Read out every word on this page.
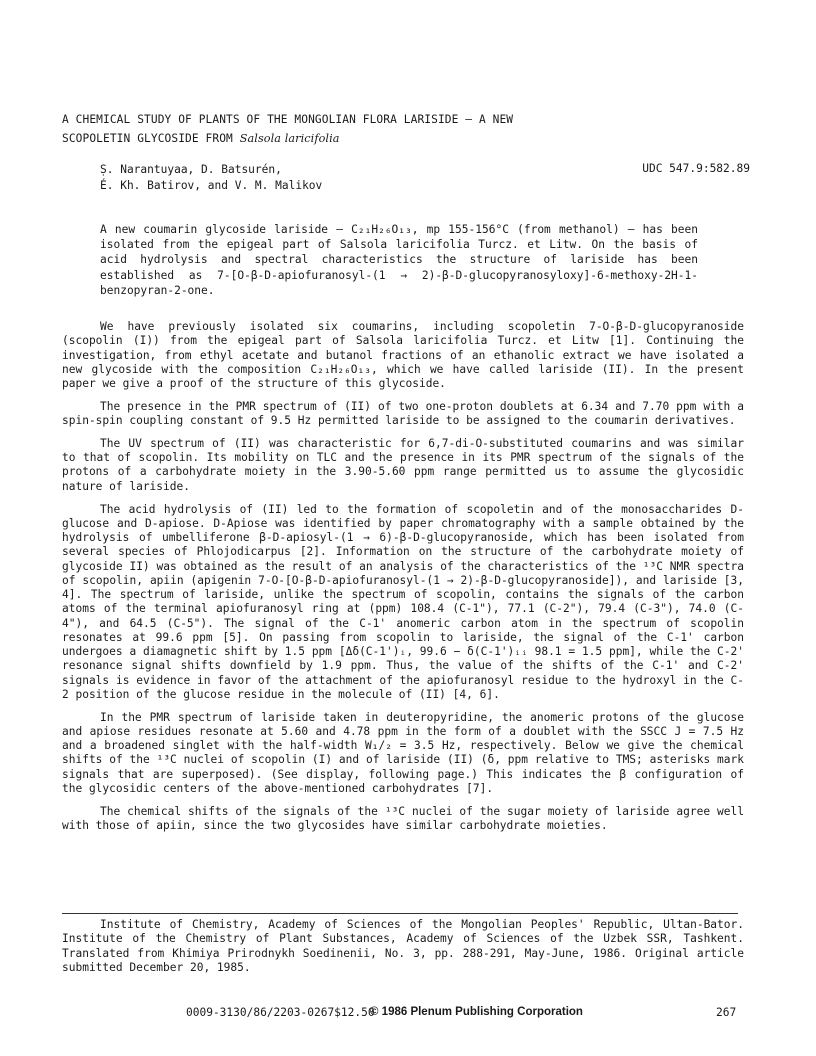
A CHEMICAL STUDY OF PLANTS OF THE MONGOLIAN FLORA LARISIDE — A NEW
SCOPOLETIN GLYCOSIDE FROM Salsola laricifolia
Ṣ. Narantuyaa, D. Batsurén,
É. Kh. Batirov, and V. M. Malikov
UDC 547.9:582.89
A new coumarin glycoside lariside — C₂₁H₂₆O₁₃, mp 155-156°C (from methanol) — has been isolated from the epigeal part of Salsola laricifolia Turcz. et Litw. On the basis of acid hydrolysis and spectral characteristics the structure of lariside has been established as 7-[O-β-D-apiofuranosyl-(1 → 2)-β-D-glucopyranosyloxy]-6-methoxy-2H-1-benzopyran-2-one.

We have previously isolated six coumarins, including scopoletin 7-O-β-D-glucopyranoside (scopolin (I)) from the epigeal part of Salsola laricifolia Turcz. et Litw [1]. Continuing the investigation, from ethyl acetate and butanol fractions of an ethanolic extract we have isolated a new glycoside with the composition C₂₁H₂₆O₁₃, which we have called lariside (II). In the present paper we give a proof of the structure of this glycoside.

The presence in the PMR spectrum of (II) of two one-proton doublets at 6.34 and 7.70 ppm with a spin-spin coupling constant of 9.5 Hz permitted lariside to be assigned to the coumarin derivatives.

The UV spectrum of (II) was characteristic for 6,7-di-O-substituted coumarins and was similar to that of scopolin. Its mobility on TLC and the presence in its PMR spectrum of the signals of the protons of a carbohydrate moiety in the 3.90-5.60 ppm range permitted us to assume the glycosidic nature of lariside.

The acid hydrolysis of (II) led to the formation of scopoletin and of the monosaccharides D-glucose and D-apiose. D-Apiose was identified by paper chromatography with a sample obtained by the hydrolysis of umbelliferone β-D-apiosyl-(1 → 6)-β-D-glucopyranoside, which has been isolated from several species of Phlojodicarpus [2]. Information on the structure of the carbohydrate moiety of glycoside II) was obtained as the result of an analysis of the characteristics of the ¹³C NMR spectra of scopolin, apiin (apigenin 7-O-[O-β-D-apiofuranosyl-(1 → 2)-β-D-glucopyranoside]), and lariside [3, 4]. The spectrum of lariside, unlike the spectrum of scopolin, contains the signals of the carbon atoms of the terminal apiofuranosyl ring at (ppm) 108.4 (C-1"), 77.1 (C-2"), 79.4 (C-3"), 74.0 (C-4"), and 64.5 (C-5"). The signal of the C-1' anomeric carbon atom in the spectrum of scopolin resonates at 99.6 ppm [5]. On passing from scopolin to lariside, the signal of the C-1' carbon undergoes a diamagnetic shift by 1.5 ppm [Δδ(C-1')ᵢ, 99.6 − δ(C-1')ᵢᵢ 98.1 = 1.5 ppm], while the C-2' resonance signal shifts downfield by 1.9 ppm. Thus, the value of the shifts of the C-1' and C-2' signals is evidence in favor of the attachment of the apiofuranosyl residue to the hydroxyl in the C-2 position of the glucose residue in the molecule of (II) [4, 6].

In the PMR spectrum of lariside taken in deuteropyridine, the anomeric protons of the glucose and apiose residues resonate at 5.60 and 4.78 ppm in the form of a doublet with the SSCC J = 7.5 Hz and a broadened singlet with the half-width W₁/₂ = 3.5 Hz, respectively. Below we give the chemical shifts of the ¹³C nuclei of scopolin (I) and of lariside (II) (δ, ppm relative to TMS; asterisks mark signals that are superposed). (See display, following page.) This indicates the β configuration of the glycosidic centers of the above-mentioned carbohydrates [7].

The chemical shifts of the signals of the ¹³C nuclei of the sugar moiety of lariside agree well with those of apiin, since the two glycosides have similar carbohydrate moieties.

Institute of Chemistry, Academy of Sciences of the Mongolian Peoples' Republic, Ultan-Bator. Institute of the Chemistry of Plant Substances, Academy of Sciences of the Uzbek SSR, Tashkent. Translated from Khimiya Prirodnykh Soedinenii, No. 3, pp. 288-291, May-June, 1986. Original article submitted December 20, 1985.
0009-3130/86/2203-0267$12.50
© 1986 Plenum Publishing Corporation	267
